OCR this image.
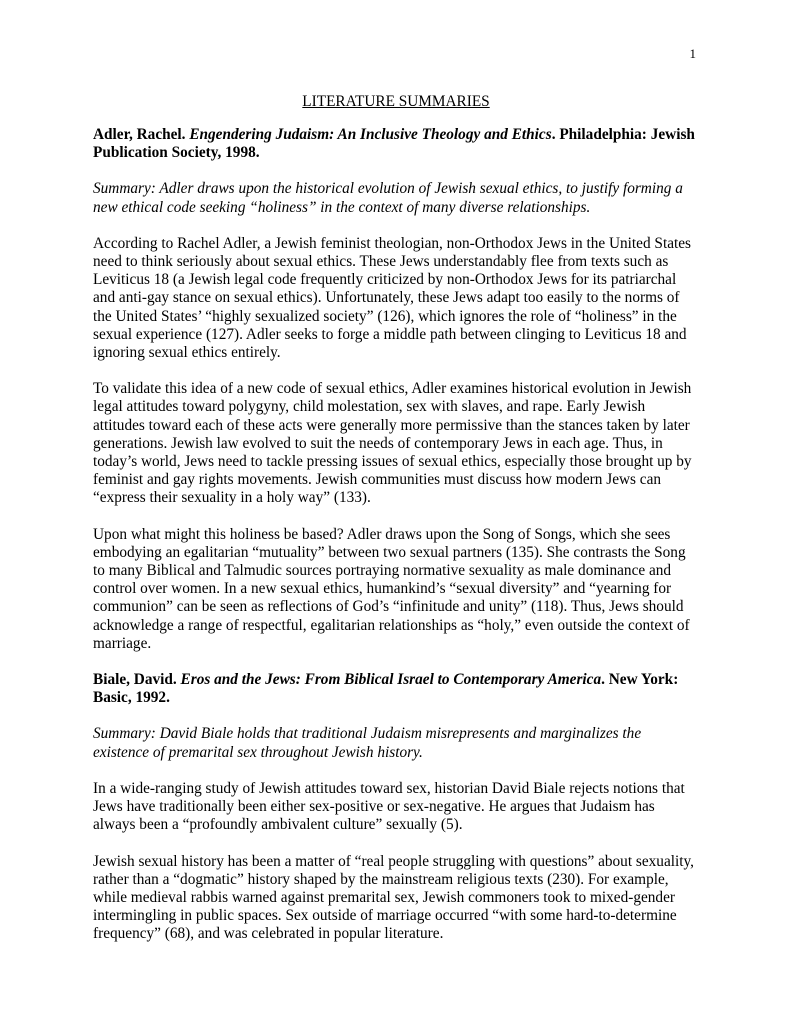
1

LITERATURE SUMMARIES

Adler, Rachel. Engendering Judaism: An Inclusive Theology and Ethics. Philadelphia: Jewish Publication Society, 1998.

Summary: Adler draws upon the historical evolution of Jewish sexual ethics, to justify forming a new ethical code seeking “holiness” in the context of many diverse relationships.

According to Rachel Adler, a Jewish feminist theologian, non-Orthodox Jews in the United States need to think seriously about sexual ethics. These Jews understandably flee from texts such as Leviticus 18 (a Jewish legal code frequently criticized by non-Orthodox Jews for its patriarchal and anti-gay stance on sexual ethics). Unfortunately, these Jews adapt too easily to the norms of the United States’ “highly sexualized society” (126), which ignores the role of “holiness” in the sexual experience (127). Adler seeks to forge a middle path between clinging to Leviticus 18 and ignoring sexual ethics entirely.

To validate this idea of a new code of sexual ethics, Adler examines historical evolution in Jewish legal attitudes toward polygyny, child molestation, sex with slaves, and rape. Early Jewish attitudes toward each of these acts were generally more permissive than the stances taken by later generations. Jewish law evolved to suit the needs of contemporary Jews in each age. Thus, in today’s world, Jews need to tackle pressing issues of sexual ethics, especially those brought up by feminist and gay rights movements. Jewish communities must discuss how modern Jews can “express their sexuality in a holy way” (133).

Upon what might this holiness be based? Adler draws upon the Song of Songs, which she sees embodying an egalitarian “mutuality” between two sexual partners (135). She contrasts the Song to many Biblical and Talmudic sources portraying normative sexuality as male dominance and control over women. In a new sexual ethics, humankind’s “sexual diversity” and “yearning for communion” can be seen as reflections of God’s “infinitude and unity” (118). Thus, Jews should acknowledge a range of respectful, egalitarian relationships as “holy,” even outside the context of marriage.

Biale, David. Eros and the Jews: From Biblical Israel to Contemporary America. New York: Basic, 1992.

Summary: David Biale holds that traditional Judaism misrepresents and marginalizes the existence of premarital sex throughout Jewish history.

In a wide-ranging study of Jewish attitudes toward sex, historian David Biale rejects notions that Jews have traditionally been either sex-positive or sex-negative. He argues that Judaism has always been a “profoundly ambivalent culture” sexually (5).

Jewish sexual history has been a matter of “real people struggling with questions” about sexuality, rather than a “dogmatic” history shaped by the mainstream religious texts (230). For example, while medieval rabbis warned against premarital sex, Jewish commoners took to mixed-gender intermingling in public spaces. Sex outside of marriage occurred “with some hard-to-determine frequency” (68), and was celebrated in popular literature.
